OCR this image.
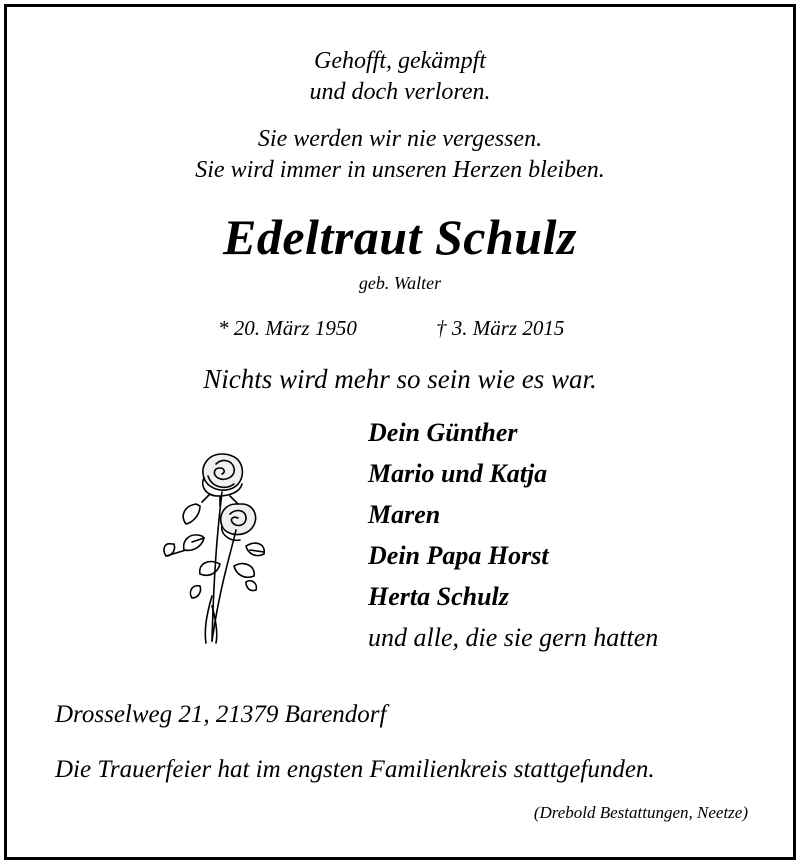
Gehofft, gekämpft
und doch verloren.
Sie werden wir nie vergessen.
Sie wird immer in unseren Herzen bleiben.
Edeltraut Schulz
geb. Walter
* 20. März 1950	† 3. März 2015
Nichts wird mehr so sein wie es war.
Dein Günther
Mario und Katja
Maren
Dein Papa Horst
Herta Schulz
und alle, die sie gern hatten
Drosselweg 21, 21379 Barendorf
Die Trauerfeier hat im engsten Familienkreis stattgefunden.
(Drebold Bestattungen, Neetze)
